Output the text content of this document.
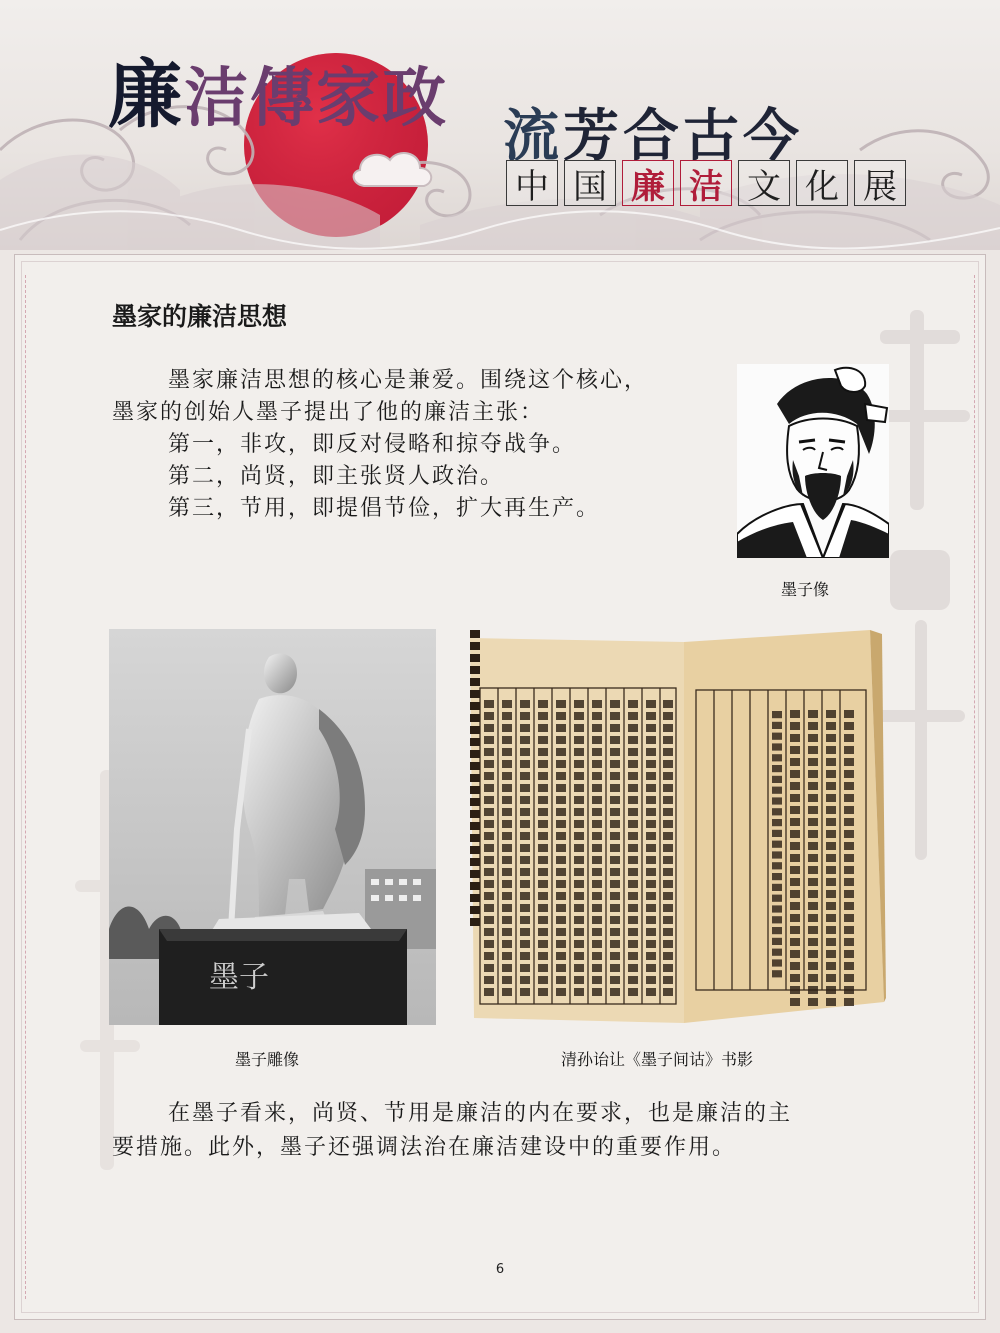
廉洁傳家政 流芳合古今
中 国 廉 洁 文 化 展
墨家的廉洁思想
墨家廉洁思想的核心是兼爱。围绕这个核心，
墨家的创始人墨子提出了他的廉洁主张：
第一，非攻，即反对侵略和掠夺战争。
第二，尚贤，即主张贤人政治。
第三，节用，即提倡节俭，扩大再生产。
墨子像
墨子
墨子雕像	清孙诒让《墨子间诂》书影

在墨子看来，尚贤、节用是廉洁的内在要求，也是廉洁的主

要措施。此外，墨子还强调法治在廉洁建设中的重要作用。

6
